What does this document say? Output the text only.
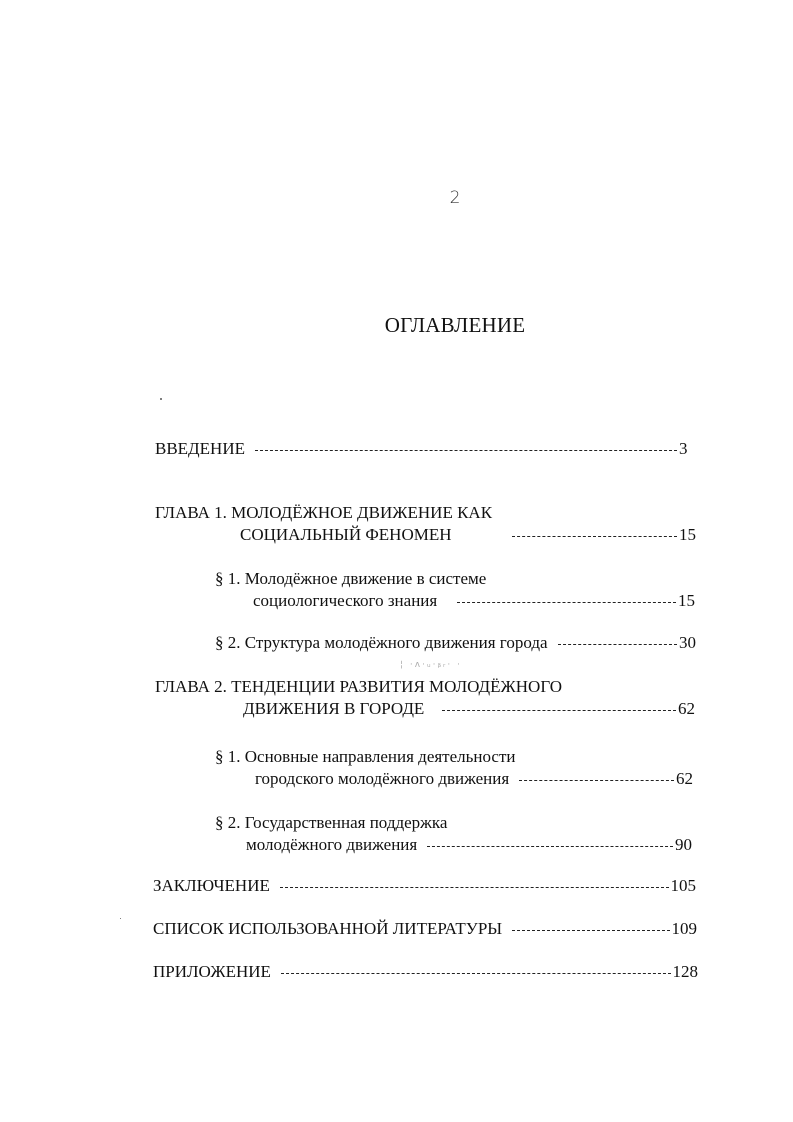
2
ОГЛАВЛЕНИЕ
ВВЕДЕНИЕ	3
ГЛАВА 1. МОЛОДЁЖНОЕ ДВИЖЕНИЕ КАК
СОЦИАЛЬНЫЙ ФЕНОМЕН	15
§ 1. Молодёжное движение в системе
социологического знания	15
§ 2. Структура молодёжного движения города	30
¦ ·ʌ·ᵤ·ᵦᵣ· ·
ГЛАВА 2. ТЕНДЕНЦИИ РАЗВИТИЯ МОЛОДЁЖНОГО
ДВИЖЕНИЯ В ГОРОДЕ	62
§ 1. Основные направления деятельности
городского молодёжного движения	62
§ 2. Государственная поддержка
молодёжного движения	90
ЗАКЛЮЧЕНИЕ	105
СПИСОК ИСПОЛЬЗОВАННОЙ ЛИТЕРАТУРЫ	109
ПРИЛОЖЕНИЕ	128
